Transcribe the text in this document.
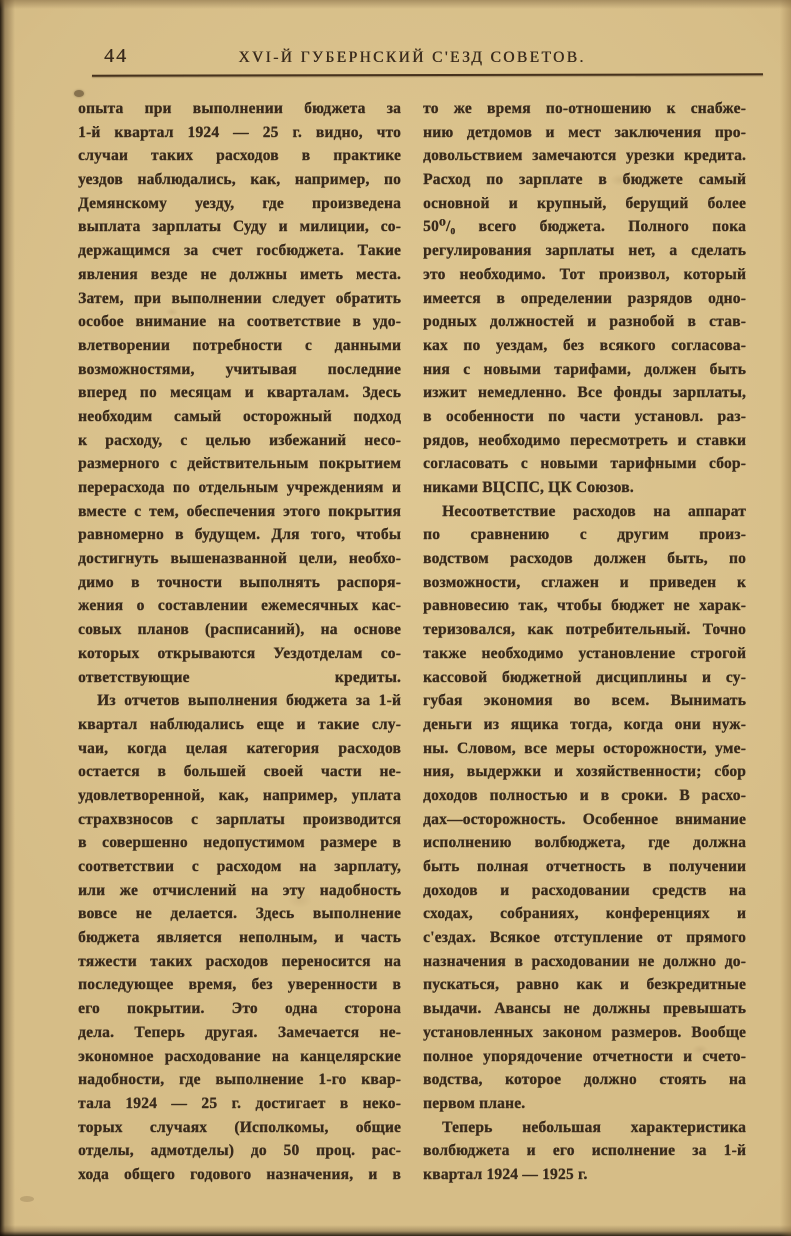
44	XVI-Й ГУБЕРНСКИЙ С'ЕЗД СОВЕТОВ.
опыта при выполнении бюджета за
1-й квартал 1924 — 25 г. видно, что
случаи таких расходов в практике
уездов наблюдались, как, например, по
Демянскому уезду, где произведена
выплата зарплаты Суду и милиции, со-
держащимся за счет госбюджета. Такие
явления везде не должны иметь места.
Затем, при выполнении следует обратить
особое внимание на соответствие в удо-
влетворении потребности с данными
возможностями, учитывая последние
вперед по месяцам и кварталам. Здесь
необходим самый осторожный подход
к расходу, с целью избежаний несо-
размерного с действительным покрытием
перерасхода по отдельным учреждениям и
вместе с тем, обеспечения этого покрытия
равномерно в будущем. Для того, чтобы
достигнуть вышеназванной цели, необхо-
димо в точности выполнять распоря-
жения о составлении ежемесячных кас-
совых планов (расписаний), на основе
которых открываются Уездотделам со-
ответствующие кредиты.
Из отчетов выполнения бюджета за 1-й
квартал наблюдались еще и такие слу-
чаи, когда целая категория расходов
остается в большей своей части не-
удовлетворенной, как, например, уплата
страхвзносов с зарплаты производится
в совершенно недопустимом размере в
соответствии с расходом на зарплату,
или же отчислений на эту надобность
вовсе не делается. Здесь выполнение
бюджета является неполным, и часть
тяжести таких расходов переносится на
последующее время, без уверенности в
его покрытии. Это одна сторона
дела. Теперь другая. Замечается не-
экономное расходование на канцелярские
надобности, где выполнение 1-го квар-
тала 1924 — 25 г. достигает в неко-
торых случаях (Исполкомы, общие
отделы, адмотделы) до 50 проц. рас-
хода общего годового назначения, и в
то же время по-отношению к снабже-
нию детдомов и мест заключения про-
довольствием замечаются урезки кредита.
Расход по зарплате в бюджете самый
основной и крупный, берущий более
50⁰/₀ всего бюджета. Полного пока
регулирования зарплаты нет, а сделать
это необходимо. Тот произвол, который
имеется в определении разрядов одно-
родных должностей и разнобой в став-
ках по уездам, без всякого согласова-
ния с новыми тарифами, должен быть
изжит немедленно. Все фонды зарплаты,
в особенности по части установл. раз-
рядов, необходимо пересмотреть и ставки
согласовать с новыми тарифными сбор-
никами ВЦСПС, ЦК Союзов.
Несоответствие расходов на аппарат
по сравнению с другим произ-
водством расходов должен быть, по
возможности, сглажен и приведен к
равновесию так, чтобы бюджет не харак-
теризовался, как потребительный. Точно
также необходимо установление строгой
кассовой бюджетной дисциплины и су-
губая экономия во всем. Вынимать
деньги из ящика тогда, когда они нуж-
ны. Словом, все меры осторожности, уме-
ния, выдержки и хозяйственности; сбор
доходов полностью и в сроки. В расхо-
дах—осторожность. Особенное внимание
исполнению волбюджета, где должна
быть полная отчетность в получении
доходов и расходовании средств на
сходах, собраниях, конференциях и
с'ездах. Всякое отступление от прямого
назначения в расходовании не должно до-
пускаться, равно как и безкредитные
выдачи. Авансы не должны превышать
установленных законом размеров. Вообще
полное упорядочение отчетности и счето-
водства, которое должно стоять на
первом плане.
Теперь небольшая характеристика
волбюджета и его исполнение за 1-й
квартал 1924 — 1925 г.
